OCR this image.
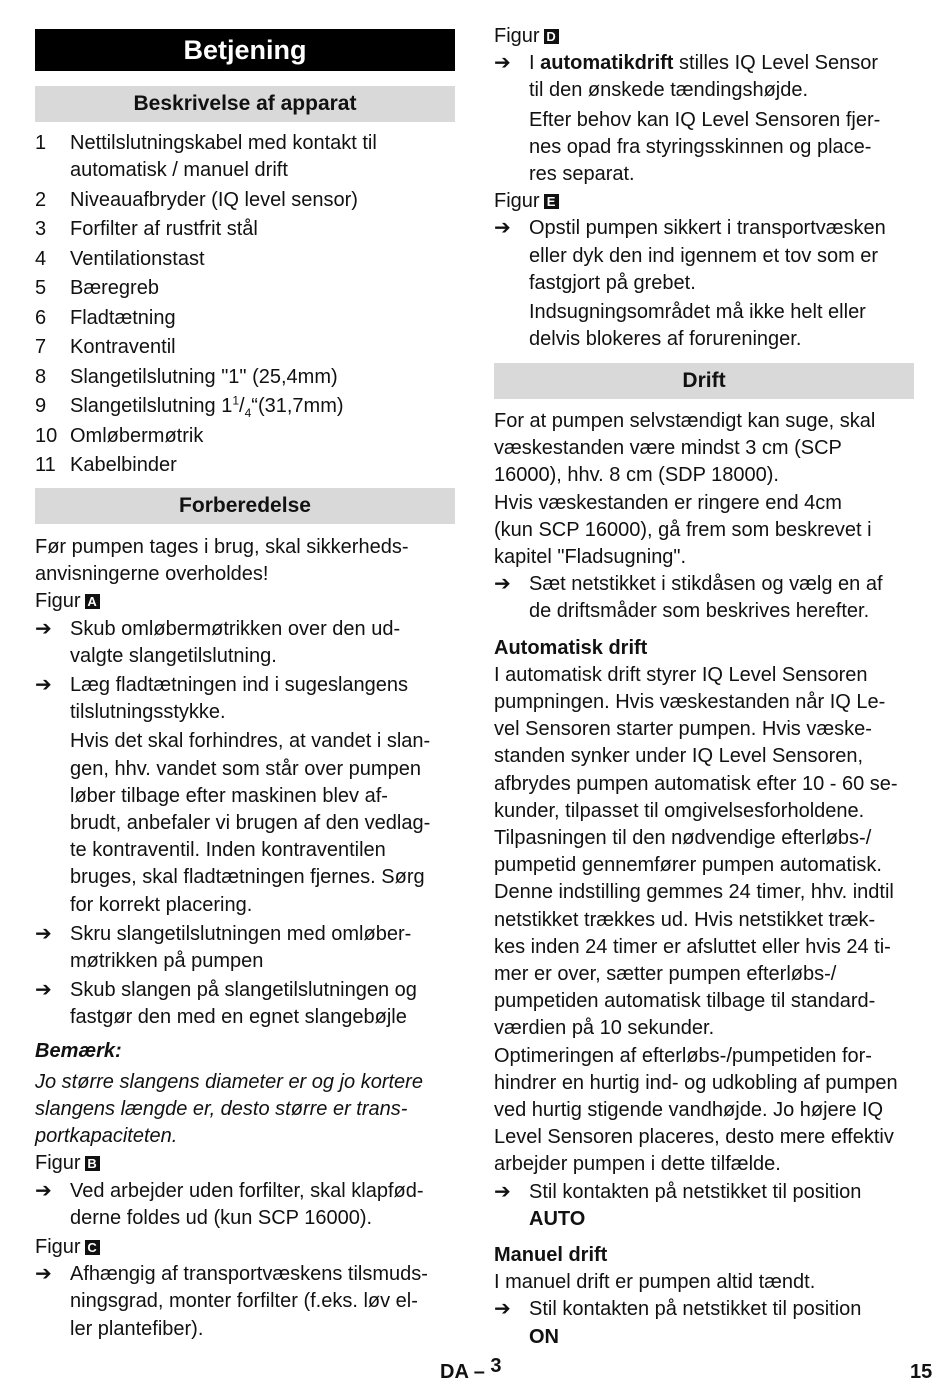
Betjening
Beskrivelse af apparat
1	Nettilslutningskabel med kontakt til
automatisk / manuel drift
2	Niveauafbryder (IQ level sensor)
3	Forfilter af rustfrit stål
4	Ventilationstast
5	Bæregreb
6	Fladtætning
7	Kontraventil
8	Slangetilslutning "1" (25,4mm)
9	Slangetilslutning $1^1/_4“(31,7mm)$
10 Omløbermøtrik
11 Kabelbinder
Forberedelse
Før pumpen tages i brug, skal sikkerheds-
anvisningerne overholdes!
Figur A
➔ Skub omløbermøtrikken over den ud-
valgte slangetilslutning.
➔ Læg fladtætningen ind i sugeslangens
tilslutningsstykke.
Hvis det skal forhindres, at vandet i slan-
gen, hhv. vandet som står over pumpen
løber tilbage efter maskinen blev af-
brudt, anbefaler vi brugen af den vedlag-
te kontraventil. Inden kontraventilen
bruges, skal fladtætningen fjernes. Sørg
for korrekt placering.
➔ Skru slangetilslutningen med omløber-
møtrikken på pumpen
➔ Skub slangen på slangetilslutningen og
fastgør den med en egnet slangebøjle
Bemærk:
Jo større slangens diameter er og jo kortere
slangens længde er, desto større er trans-
portkapaciteten.
Figur B
➔ Ved arbejder uden forfilter, skal klapfød-
derne foldes ud (kun SCP 16000).
Figur C
➔ Afhængig af transportvæskens tilsmuds-
ningsgrad, monter forfilter (f.eks. løv el-
ler plantefiber).
Figur D
➔ I automatikdrift stilles IQ Level Sensor
til den ønskede tændingshøjde.
Efter behov kan IQ Level Sensoren fjer-
nes opad fra styringsskinnen og place-
res separat.
Figur E
➔ Opstil pumpen sikkert i transportvæsken
eller dyk den ind igennem et tov som er
fastgjort på grebet.
Indsugningsområdet må ikke helt eller
delvis blokeres af forureninger.
Drift
For at pumpen selvstændigt kan suge, skal
væskestanden være mindst 3 cm (SCP
16000), hhv. 8 cm (SDP 18000).
Hvis væskestanden er ringere end 4cm
(kun SCP 16000), gå frem som beskrevet i
kapitel "Fladsugning".
➔ Sæt netstikket i stikdåsen og vælg en af
de driftsmåder som beskrives herefter.
Automatisk drift
I automatisk drift styrer IQ Level Sensoren
pumpningen. Hvis væskestanden når IQ Le-
vel Sensoren starter pumpen. Hvis væske-
standen synker under IQ Level Sensoren,
afbrydes pumpen automatisk efter 10 - 60 se-
kunder, tilpasset til omgivelsesforholdene.
Tilpasningen til den nødvendige efterløbs-/
pumpetid gennemfører pumpen automatisk.
Denne indstilling gemmes 24 timer, hhv. indtil
netstikket trækkes ud. Hvis netstikket træk-
kes inden 24 timer er afsluttet eller hvis 24 ti-
mer er over, sætter pumpen efterløbs-/
pumpetiden automatisk tilbage til standard-
værdien på 10 sekunder.
Optimeringen af efterløbs-/pumpetiden for-
hindrer en hurtig ind- og udkobling af pumpen
ved hurtig stigende vandhøjde. Jo højere IQ
Level Sensoren placeres, desto mere effektiv
arbejder pumpen i dette tilfælde.
➔ Stil kontakten på netstikket til position
AUTO
Manuel drift
I manuel drift er pumpen altid tændt.
➔ Stil kontakten på netstikket til position
ON
DA – 3	15
